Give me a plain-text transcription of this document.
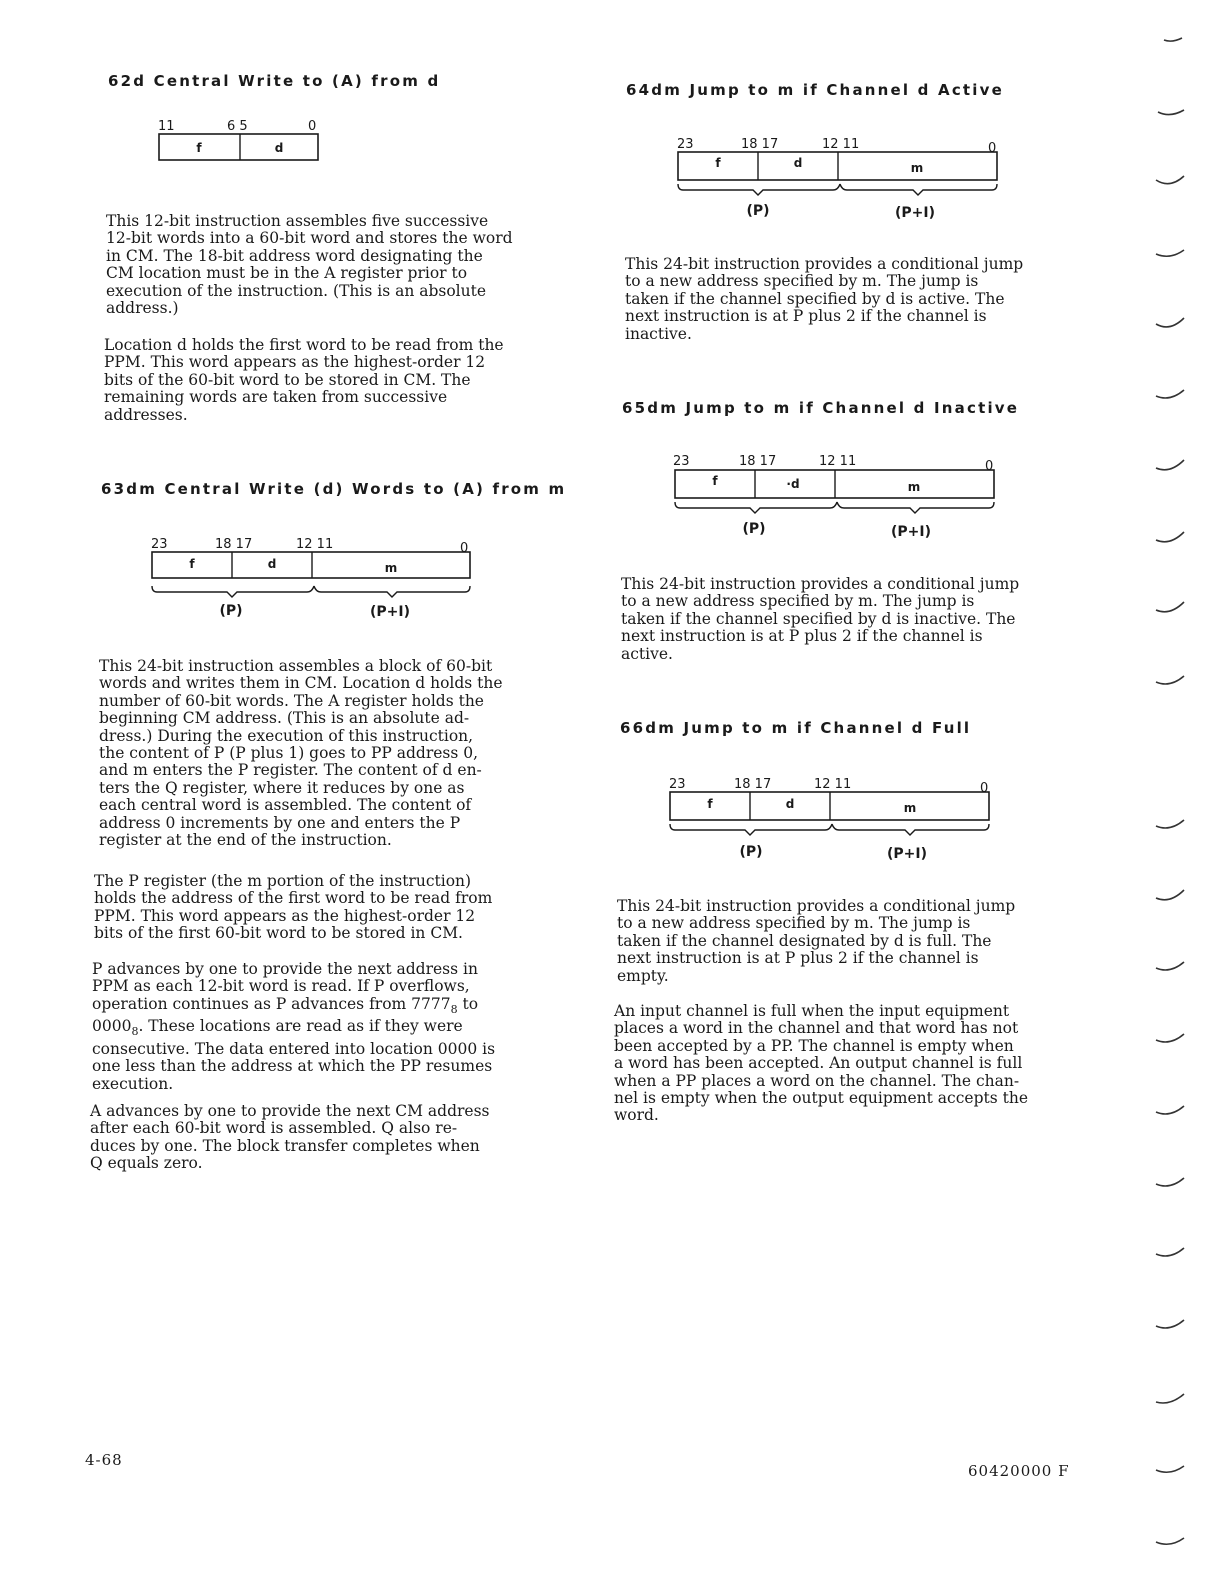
62d Central Write to (A) from d
11	6 5	0
f	d
This 12-bit instruction assembles five successive
12-bit words into a 60-bit word and stores the word
in CM. The 18-bit address word designating the
CM location must be in the A register prior to
execution of the instruction. (This is an absolute
address.)
Location d holds the first word to be read from the
PPM. This word appears as the highest-order 12
bits of the 60-bit word to be stored in CM. The
remaining words are taken from successive
addresses.
63dm Central Write (d) Words to (A) from m
23	18 17	12 11	0
f	d	m
(P)	(P+I)
This 24-bit instruction assembles a block of 60-bit
words and writes them in CM. Location d holds the
number of 60-bit words. The A register holds the
beginning CM address. (This is an absolute ad-
dress.) During the execution of this instruction,
the content of P (P plus 1) goes to PP address 0,
and m enters the P register. The content of d en-
ters the Q register, where it reduces by one as
each central word is assembled. The content of
address 0 increments by one and enters the P
register at the end of the instruction.
The P register (the m portion of the instruction)
holds the address of the first word to be read from
PPM. This word appears as the highest-order 12
bits of the first 60-bit word to be stored in CM.
P advances by one to provide the next address in
PPM as each 12-bit word is read. If P overflows,
operation continues as P advances from $7777_8$ to
$0000_8$. These locations are read as if they were
consecutive. The data entered into location 0000 is
one less than the address at which the PP resumes
execution.
A advances by one to provide the next CM address
after each 60-bit word is assembled. Q also re-
duces by one. The block transfer completes when
Q equals zero.
64dm Jump to m if Channel d Active
23	18 17	12 11	0
f	d	m
(P)	(P+I)
This 24-bit instruction provides a conditional jump
to a new address specified by m. The jump is
taken if the channel specified by d is active. The
next instruction is at P plus 2 if the channel is
inactive.
65dm Jump to m if Channel d Inactive
23	18 17	12 11	0
f	·d	m
(P)	(P+I)
This 24-bit instruction provides a conditional jump
to a new address specified by m. The jump is
taken if the channel specified by d is inactive. The
next instruction is at P plus 2 if the channel is
active.
66dm Jump to m if Channel d Full
23	18 17	12 11	0
f	d	m
(P)	(P+I)
This 24-bit instruction provides a conditional jump
to a new address specified by m. The jump is
taken if the channel designated by d is full. The
next instruction is at P plus 2 if the channel is
empty.
An input channel is full when the input equipment
places a word in the channel and that word has not
been accepted by a PP. The channel is empty when
a word has been accepted. An output channel is full
when a PP places a word on the channel. The chan-
nel is empty when the output equipment accepts the
word.

4-68

60420000 F
